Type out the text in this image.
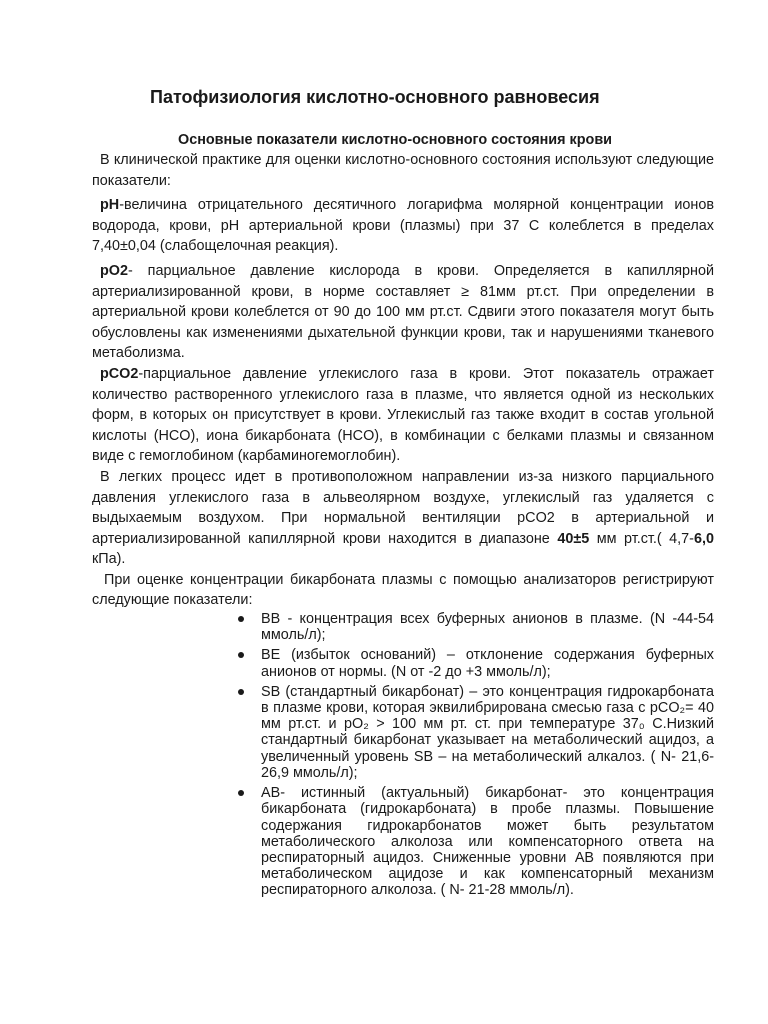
Патофизиология кислотно-основного равновесия
Основные показатели кислотно-основного состояния крови

В клинической практике для оценки кислотно-основного состояния используют следующие показатели:

pH-величина отрицательного десятичного логарифма молярной концентрации ионов водорода, крови, pH артериальной крови (плазмы) при 37 С колеблется в пределах 7,40±0,04 (слабощелочная реакция).

pO2- парциальное давление кислорода в крови. Определяется в капиллярной артериализированной крови, в норме составляет ≥ 81мм рт.ст. При определении в артериальной крови колеблется от 90 до 100 мм рт.ст. Сдвиги этого показателя могут быть обусловлены как изменениями дыхательной функции крови, так и нарушениями тканевого метаболизма.

pCO2-парциальное давление углекислого газа в крови. Этот показатель отражает количество растворенного углекислого газа в плазме, что является одной из нескольких форм, в которых он присутствует в крови. Углекислый газ также входит в состав угольной кислоты (HCO), иона бикарбоната (HCO), в комбинации с белками плазмы и связанном виде с гемоглобином (карбаминогемоглобин).

В легких процесс идет в противоположном направлении из-за низкого парциального давления углекислого газа в альвеолярном воздухе, углекислый газ удаляется с выдыхаемым воздухом. При нормальной вентиляции pCO2 в артериальной и артериализированной капиллярной крови находится в диапазоне 40±5 мм рт.ст.( 4,7-6,0 кПа).

При оценке концентрации бикарбоната плазмы с помощью анализаторов регистрируют следующие показатели:

BB - концентрация всех буферных анионов в плазме. (N -44-54 ммоль/л);
BE (избыток оснований) – отклонение содержания буферных анионов от нормы. (N от -2 до +3 ммоль/л);
SB (стандартный бикарбонат) – это концентрация гидрокарбоната в плазме крови, которая эквилибрирована смесью газа с pCO₂= 40 мм рт.ст. и pO₂ > 100 мм рт. ст. при температуре 37₀ С.Низкий стандартный бикарбонат указывает на метаболический ацидоз, а увеличенный уровень SB – на метаболический алкалоз. ( N- 21,6- 26,9 ммоль/л);
AB- истинный (актуальный) бикарбонат- это концентрация бикарбоната (гидрокарбоната) в пробе плазмы. Повышение содержания гидрокарбонатов может быть результатом метаболического алколоза или компенсаторного ответа на респираторный ацидоз. Сниженные уровни AB появляются при метаболическом ацидозе и как компенсаторный механизм респираторного алколоза. ( N- 21-28 ммоль/л).
